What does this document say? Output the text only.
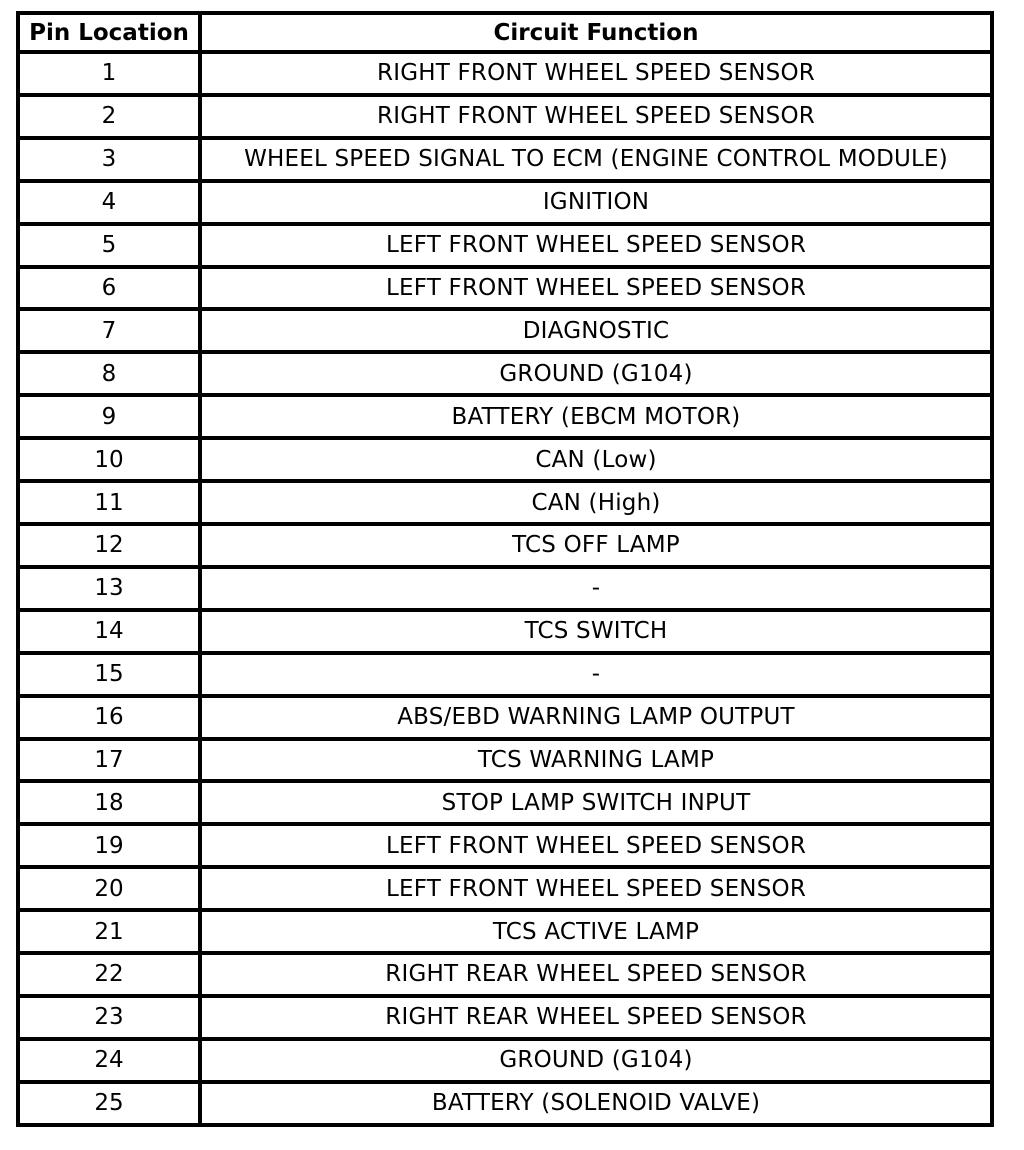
Pin Location	Circuit Function
1	RIGHT FRONT WHEEL SPEED SENSOR
2	RIGHT FRONT WHEEL SPEED SENSOR
3	WHEEL SPEED SIGNAL TO ECM (ENGINE CONTROL MODULE)
4	IGNITION
5	LEFT FRONT WHEEL SPEED SENSOR
6	LEFT FRONT WHEEL SPEED SENSOR
7	DIAGNOSTIC
8	GROUND (G104)
9	BATTERY (EBCM MOTOR)
10	CAN (Low)
11	CAN (High)
12	TCS OFF LAMP
13	-
14	TCS SWITCH
15	-
16	ABS/EBD WARNING LAMP OUTPUT
17	TCS WARNING LAMP
18	STOP LAMP SWITCH INPUT
19	LEFT FRONT WHEEL SPEED SENSOR
20	LEFT FRONT WHEEL SPEED SENSOR
21	TCS ACTIVE LAMP
22	RIGHT REAR WHEEL SPEED SENSOR
23	RIGHT REAR WHEEL SPEED SENSOR
24	GROUND (G104)
25	BATTERY (SOLENOID VALVE)
